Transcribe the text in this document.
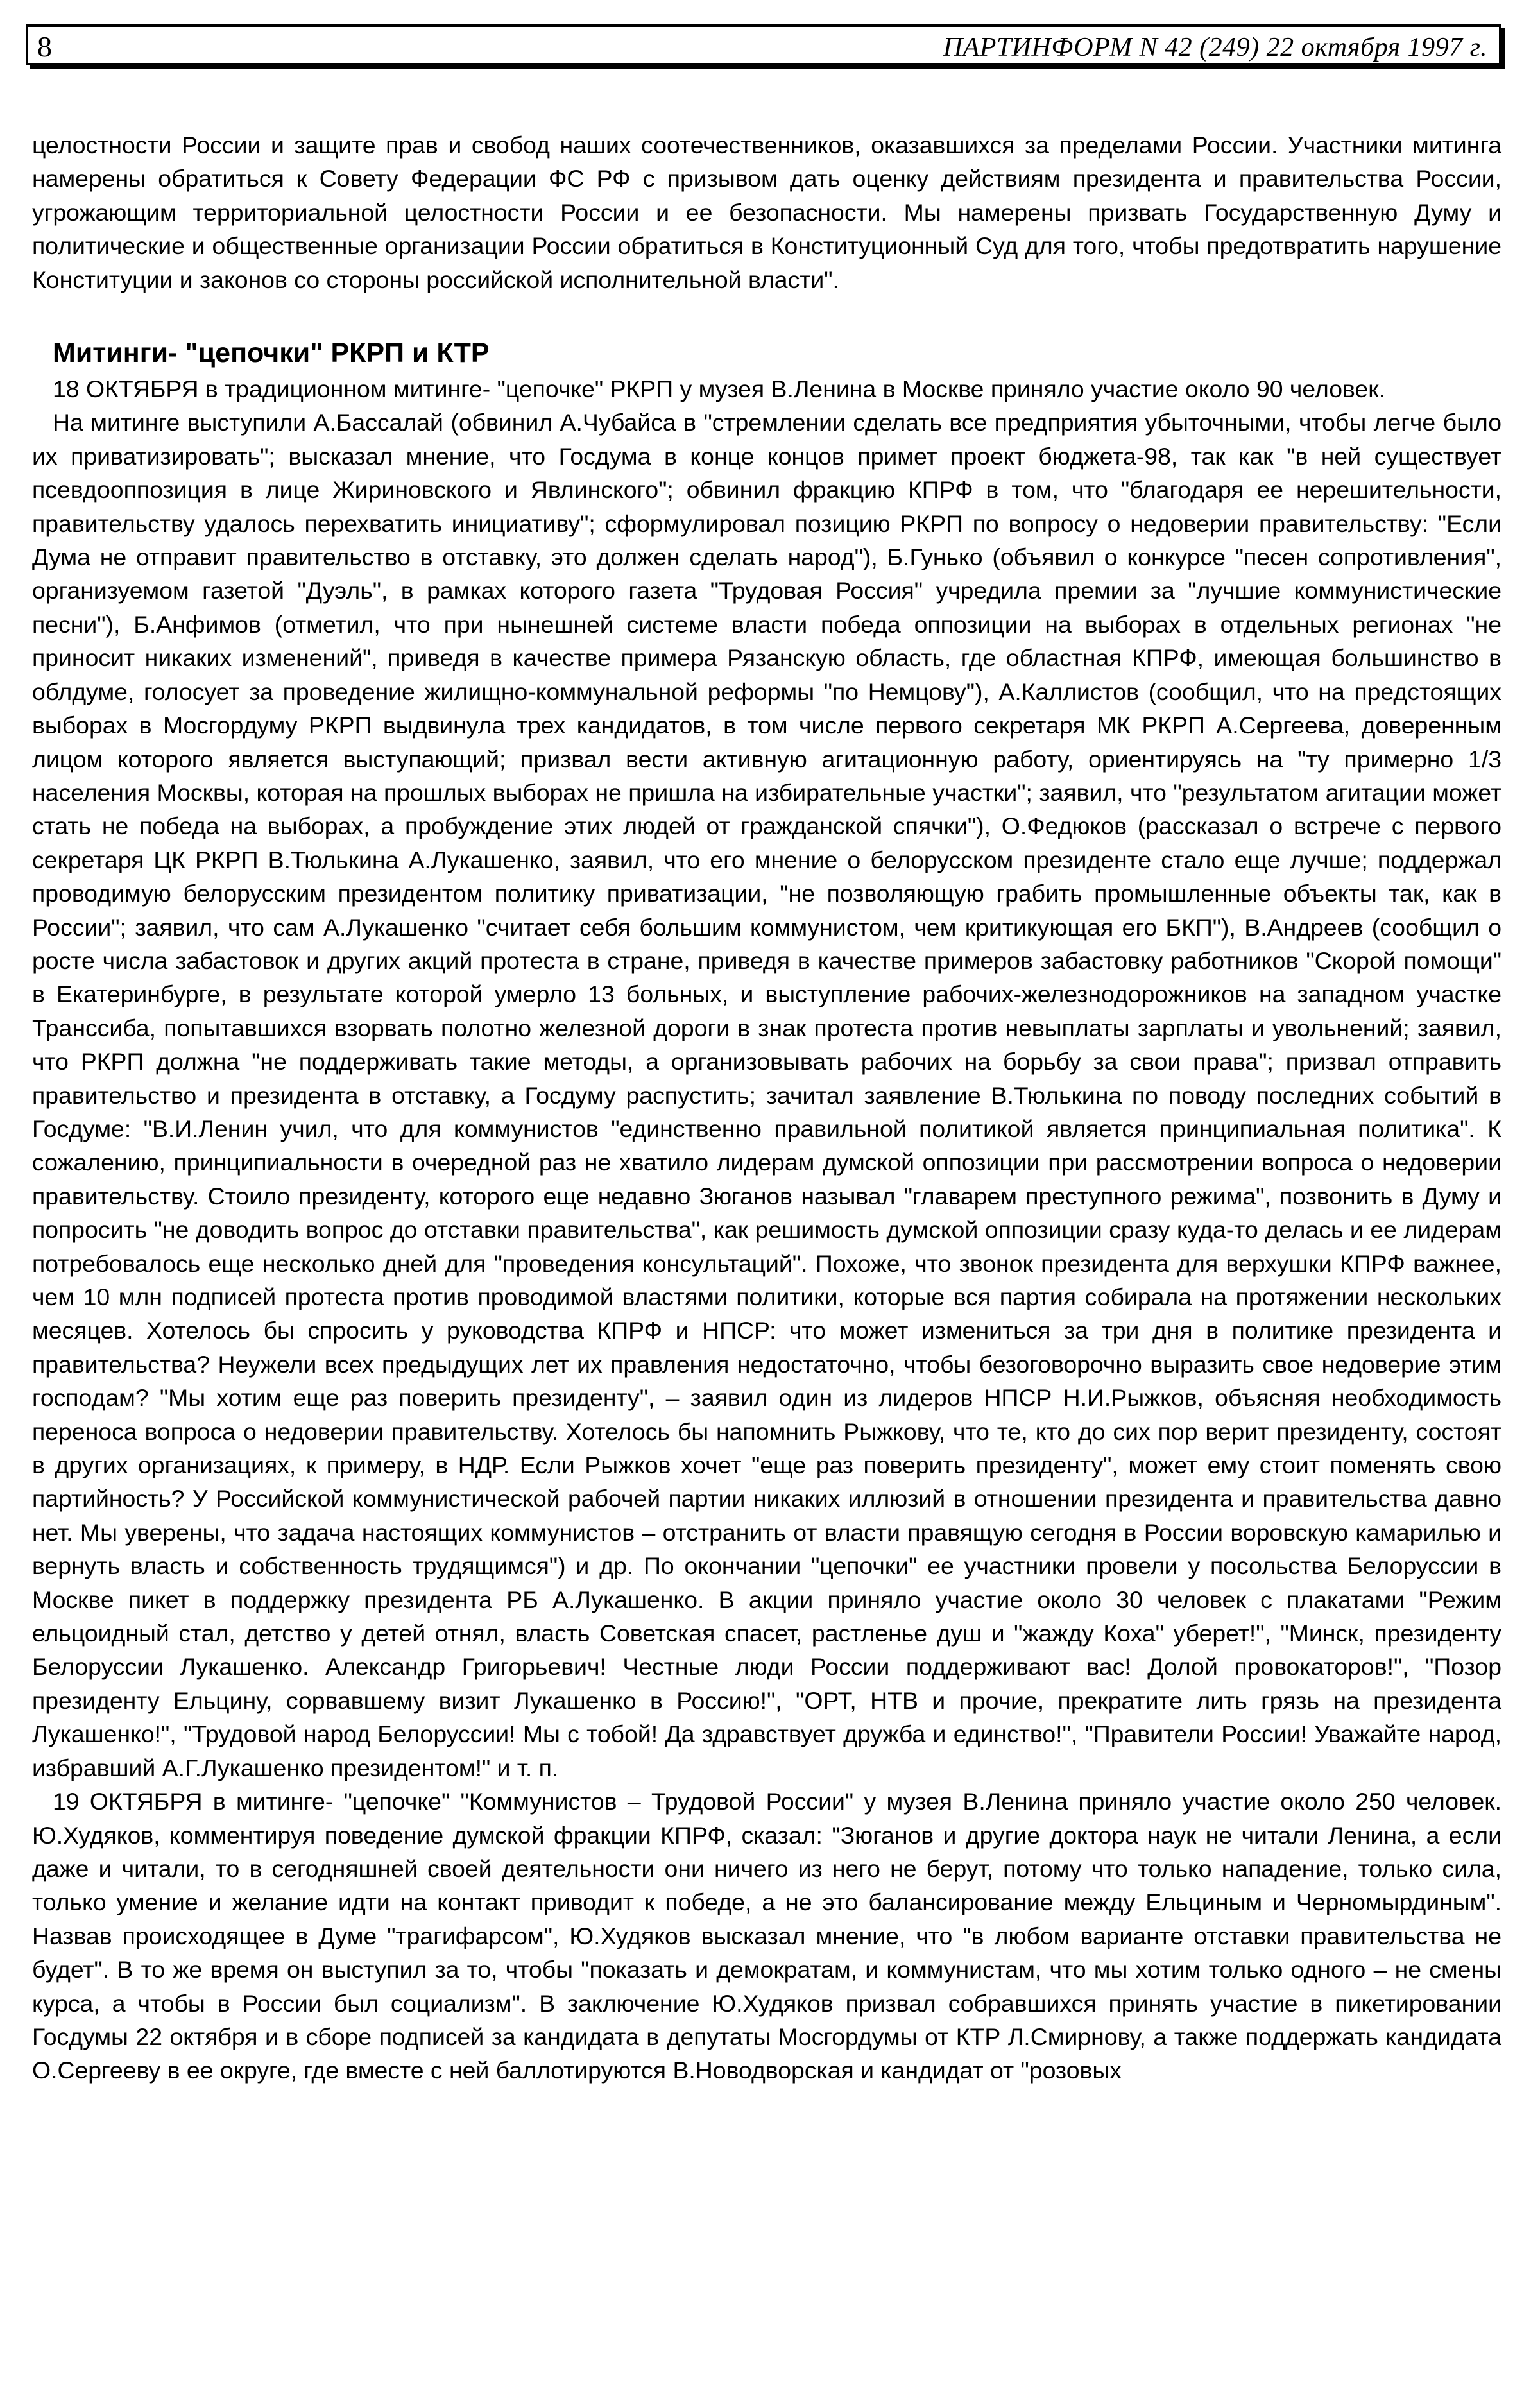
8	ПАРТИНФОРМ N 42 (249) 22 октября 1997 г.

целостности России и защите прав и свобод наших соотечественников, оказавшихся за пределами России. Участники митинга намерены обратиться к Совету Федерации ФС РФ с призывом дать оценку действиям президента и правительства России, угрожающим территориальной целостности России и ее безопасности. Мы намерены призвать Государственную Думу и политические и общественные организации России обратиться в Конституционный Суд для того, чтобы предотвратить нарушение Конституции и законов со стороны российской исполнительной власти".

Митинги- "цепочки" РКРП и КТР

18 ОКТЯБРЯ в традиционном митинге- "цепочке" РКРП у музея В.Ленина в Москве приняло участие около 90 человек.

На митинге выступили А.Бассалай (обвинил А.Чубайса в "стремлении сделать все предприятия убыточными, чтобы легче было их приватизировать"; высказал мнение, что Госдума в конце концов примет проект бюджета-98, так как "в ней существует псевдооппозиция в лице Жириновского и Явлинского"; обвинил фракцию КПРФ в том, что "благодаря ее нерешительности, правительству удалось перехватить инициативу"; сформулировал позицию РКРП по вопросу о недоверии правительству: "Если Дума не отправит правительство в отставку, это должен сделать народ"), Б.Гунько (объявил о конкурсе "песен сопротивления", организуемом газетой "Дуэль", в рамках которого газета "Трудовая Россия" учредила премии за "лучшие коммунистические песни"), Б.Анфимов (отметил, что при нынешней системе власти победа оппозиции на выборах в отдельных регионах "не приносит никаких изменений", приведя в качестве примера Рязанскую область, где областная КПРФ, имеющая большинство в облдуме, голосует за проведение жилищно-коммунальной реформы "по Немцову"), А.Каллистов (сообщил, что на предстоящих выборах в Мосгордуму РКРП выдвинула трех кандидатов, в том числе первого секретаря МК РКРП А.Сергеева, доверенным лицом которого является выступающий; призвал вести активную агитационную работу, ориентируясь на "ту примерно 1/3 населения Москвы, которая на прошлых выборах не пришла на избирательные участки"; заявил, что "результатом агитации может стать не победа на выборах, а пробуждение этих людей от гражданской спячки"), О.Федюков (рассказал о встрече с первого секретаря ЦК РКРП В.Тюлькина А.Лукашенко, заявил, что его мнение о белорусском президенте стало еще лучше; поддержал проводимую белорусским президентом политику приватизации, "не позволяющую грабить промышленные объекты так, как в России"; заявил, что сам А.Лукашенко "считает себя большим коммунистом, чем критикующая его БКП"), В.Андреев (сообщил о росте числа забастовок и других акций протеста в стране, приведя в качестве примеров забастовку работников "Скорой помощи" в Екатеринбурге, в результате которой умерло 13 больных, и выступление рабочих-железнодорожников на западном участке Транссиба, попытавшихся взорвать полотно железной дороги в знак протеста против невыплаты зарплаты и увольнений; заявил, что РКРП должна "не поддерживать такие методы, а организовывать рабочих на борьбу за свои права"; призвал отправить правительство и президента в отставку, а Госдуму распустить; зачитал заявление В.Тюлькина по поводу последних событий в Госдуме: "В.И.Ленин учил, что для коммунистов "единственно правильной политикой является принципиальная политика". К сожалению, принципиальности в очередной раз не хватило лидерам думской оппозиции при рассмотрении вопроса о недоверии правительству. Стоило президенту, которого еще недавно Зюганов называл "главарем преступного режима", позвонить в Думу и попросить "не доводить вопрос до отставки правительства", как решимость думской оппозиции сразу куда-то делась и ее лидерам потребовалось еще несколько дней для "проведения консультаций". Похоже, что звонок президента для верхушки КПРФ важнее, чем 10 млн подписей протеста против проводимой властями политики, которые вся партия собирала на протяжении нескольких месяцев. Хотелось бы спросить у руководства КПРФ и НПСР: что может измениться за три дня в политике президента и правительства? Неужели всех предыдущих лет их правления недостаточно, чтобы безоговорочно выразить свое недоверие этим господам? "Мы хотим еще раз поверить президенту", – заявил один из лидеров НПСР Н.И.Рыжков, объясняя необходимость переноса вопроса о недоверии правительству. Хотелось бы напомнить Рыжкову, что те, кто до сих пор верит президенту, состоят в других организациях, к примеру, в НДР. Если Рыжков хочет "еще раз поверить президенту", может ему стоит поменять свою партийность? У Российской коммунистической рабочей партии никаких иллюзий в отношении президента и правительства давно нет. Мы уверены, что задача настоящих коммунистов – отстранить от власти правящую сегодня в России воровскую камарилью и вернуть власть и собственность трудящимся") и др. По окончании "цепочки" ее участники провели у посольства Белоруссии в Москве пикет в поддержку президента РБ А.Лукашенко. В акции приняло участие около 30 человек с плакатами "Режим ельцоидный стал, детство у детей отнял, власть Советская спасет, растленье душ и "жажду Коха" уберет!", "Минск, президенту Белоруссии Лукашенко. Александр Григорьевич! Честные люди России поддерживают вас! Долой провокаторов!", "Позор президенту Ельцину, сорвавшему визит Лукашенко в Россию!", "ОРТ, НТВ и прочие, прекратите лить грязь на президента Лукашенко!", "Трудовой народ Белоруссии! Мы с тобой! Да здравствует дружба и единство!", "Правители России! Уважайте народ, избравший А.Г.Лукашенко президентом!" и т. п.

19 ОКТЯБРЯ в митинге- "цепочке" "Коммунистов – Трудовой России" у музея В.Ленина приняло участие около 250 человек. Ю.Худяков, комментируя поведение думской фракции КПРФ, сказал: "Зюганов и другие доктора наук не читали Ленина, а если даже и читали, то в сегодняшней своей деятельности они ничего из него не берут, потому что только нападение, только сила, только умение и желание идти на контакт приводит к победе, а не это балансирование между Ельциным и Черномырдиным". Назвав происходящее в Думе "трагифарсом", Ю.Худяков высказал мнение, что "в любом варианте отставки правительства не будет". В то же время он выступил за то, чтобы "показать и демократам, и коммунистам, что мы хотим только одного – не смены курса, а чтобы в России был социализм". В заключение Ю.Худяков призвал собравшихся принять участие в пикетировании Госдумы 22 октября и в сборе подписей за кандидата в депутаты Мосгордумы от КТР Л.Смирнову, а также поддержать кандидата О.Сергееву в ее округе, где вместе с ней баллотируются В.Новодворская и кандидат от "розовых
